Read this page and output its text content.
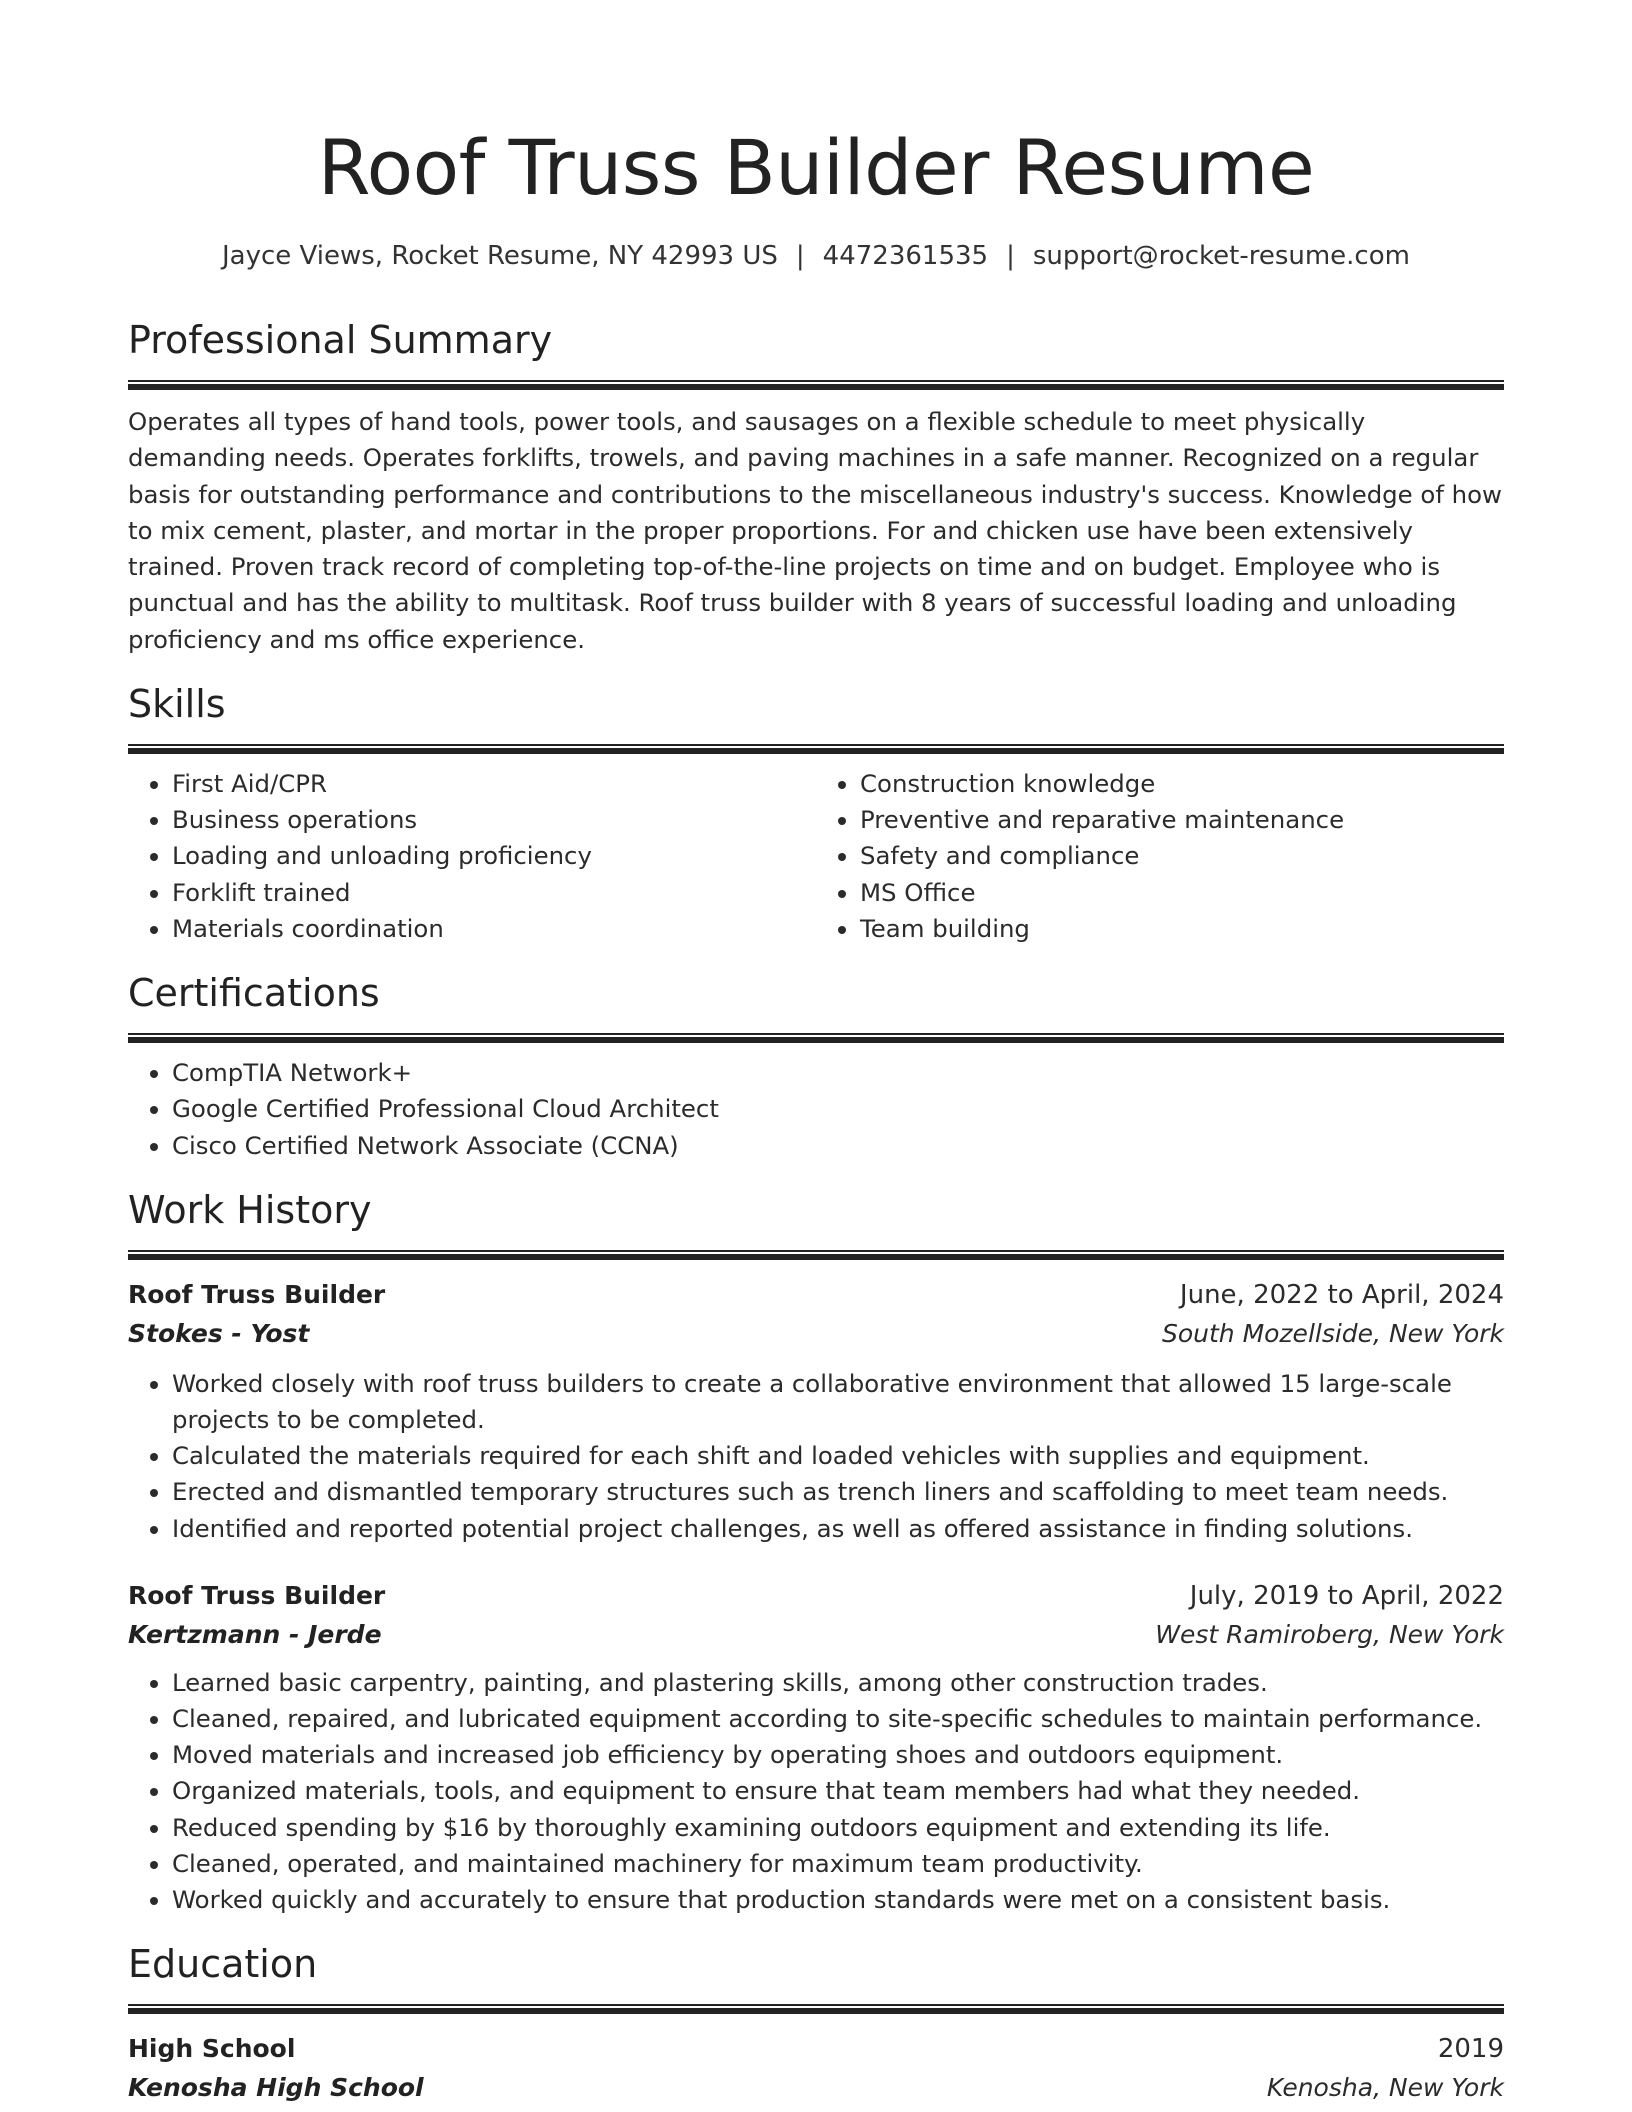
Roof Truss Builder Resume
Jayce Views, Rocket Resume, NY 42993 US | 4472361535 | support@rocket-resume.com
Professional Summary

Operates all types of hand tools, power tools, and sausages on a flexible schedule to meet physically demanding needs. Operates forklifts, trowels, and paving machines in a safe manner. Recognized on a regular basis for outstanding performance and contributions to the miscellaneous industry's success. Knowledge of how to mix cement, plaster, and mortar in the proper proportions. For and chicken use have been extensively trained. Proven track record of completing top-of-the-line projects on time and on budget. Employee who is punctual and has the ability to multitask. Roof truss builder with 8 years of successful loading and unloading proficiency and ms office experience.

Skills
• First Aid/CPR
• Business operations
• Loading and unloading proficiency
• Forklift trained
• Materials coordination
• Construction knowledge
• Preventive and reparative maintenance
• Safety and compliance
• MS Office
• Team building
Certifications
• CompTIA Network+
• Google Certified Professional Cloud Architect
• Cisco Certified Network Associate (CCNA)
Work History
Roof Truss Builder	June, 2022 to April, 2024
Stokes - Yost	South Mozellside, New York
• Worked closely with roof truss builders to create a collaborative environment that allowed 15 large-scale projects to be completed.
• Calculated the materials required for each shift and loaded vehicles with supplies and equipment.
• Erected and dismantled temporary structures such as trench liners and scaffolding to meet team needs.
• Identified and reported potential project challenges, as well as offered assistance in finding solutions.
Roof Truss Builder	July, 2019 to April, 2022
Kertzmann - Jerde	West Ramiroberg, New York
• Learned basic carpentry, painting, and plastering skills, among other construction trades.
• Cleaned, repaired, and lubricated equipment according to site-specific schedules to maintain performance.
• Moved materials and increased job efficiency by operating shoes and outdoors equipment.
• Organized materials, tools, and equipment to ensure that team members had what they needed.
• Reduced spending by $16 by thoroughly examining outdoors equipment and extending its life.
• Cleaned, operated, and maintained machinery for maximum team productivity.
• Worked quickly and accurately to ensure that production standards were met on a consistent basis.
Education
High School	2019
Kenosha High School	Kenosha, New York
